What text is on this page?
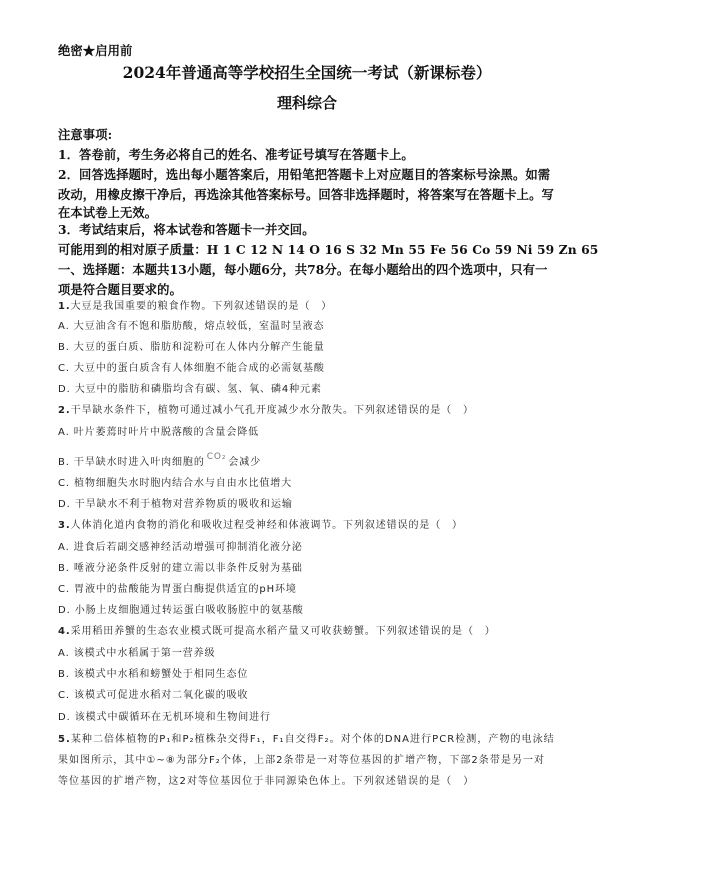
绝密★启用前
2024年普通高等学校招生全国统一考试（新课标卷）
理科综合
注意事项:
1．答卷前，考生务必将自己的姓名、准考证号填写在答题卡上。
2．回答选择题时，选出每小题答案后，用铅笔把答题卡上对应题目的答案标号涂黑。如需
改动，用橡皮擦干净后，再选涂其他答案标号。回答非选择题时，将答案写在答题卡上。写
在本试卷上无效。
3．考试结束后，将本试卷和答题卡一并交回。
可能用到的相对原子质量：H 1 C 12 N 14 O 16 S 32 Mn 55 Fe 56 Co 59 Ni 59 Zn 65
一、选择题：本题共13小题，每小题6分，共78分。在每小题给出的四个选项中，只有一
项是符合题目要求的。
1.大豆是我国重要的粮食作物。下列叙述错误的是（　）
A. 大豆油含有不饱和脂肪酸，熔点较低，室温时呈液态
B. 大豆的蛋白质、脂肪和淀粉可在人体内分解产生能量
C. 大豆中的蛋白质含有人体细胞不能合成的必需氨基酸
D. 大豆中的脂肪和磷脂均含有碳、氢、氧、磷4种元素
2.干旱缺水条件下，植物可通过减小气孔开度减少水分散失。下列叙述错误的是（　）
A. 叶片萎蔫时叶片中脱落酸的含量会降低
B. 干旱缺水时进入叶肉细胞的 CO₂ 会减少
C. 植物细胞失水时胞内结合水与自由水比值增大
D. 干旱缺水不利于植物对营养物质的吸收和运输
3.人体消化道内食物的消化和吸收过程受神经和体液调节。下列叙述错误的是（　）
A. 进食后若副交感神经活动增强可抑制消化液分泌
B. 唾液分泌条件反射的建立需以非条件反射为基础
C. 胃液中的盐酸能为胃蛋白酶提供适宜的pH环境
D. 小肠上皮细胞通过转运蛋白吸收肠腔中的氨基酸
4.采用稻田养蟹的生态农业模式既可提高水稻产量又可收获螃蟹。下列叙述错误的是（　）
A. 该模式中水稻属于第一营养级
B. 该模式中水稻和螃蟹处于相同生态位
C. 该模式可促进水稻对二氧化碳的吸收
D. 该模式中碳循环在无机环境和生物间进行
5.某种二倍体植物的P₁和P₂植株杂交得F₁，F₁自交得F₂。对个体的DNA进行PCR检测，产物的电泳结
果如图所示，其中①~⑧为部分F₂个体，上部2条带是一对等位基因的扩增产物，下部2条带是另一对
等位基因的扩增产物，这2对等位基因位于非同源染色体上。下列叙述错误的是（　）
